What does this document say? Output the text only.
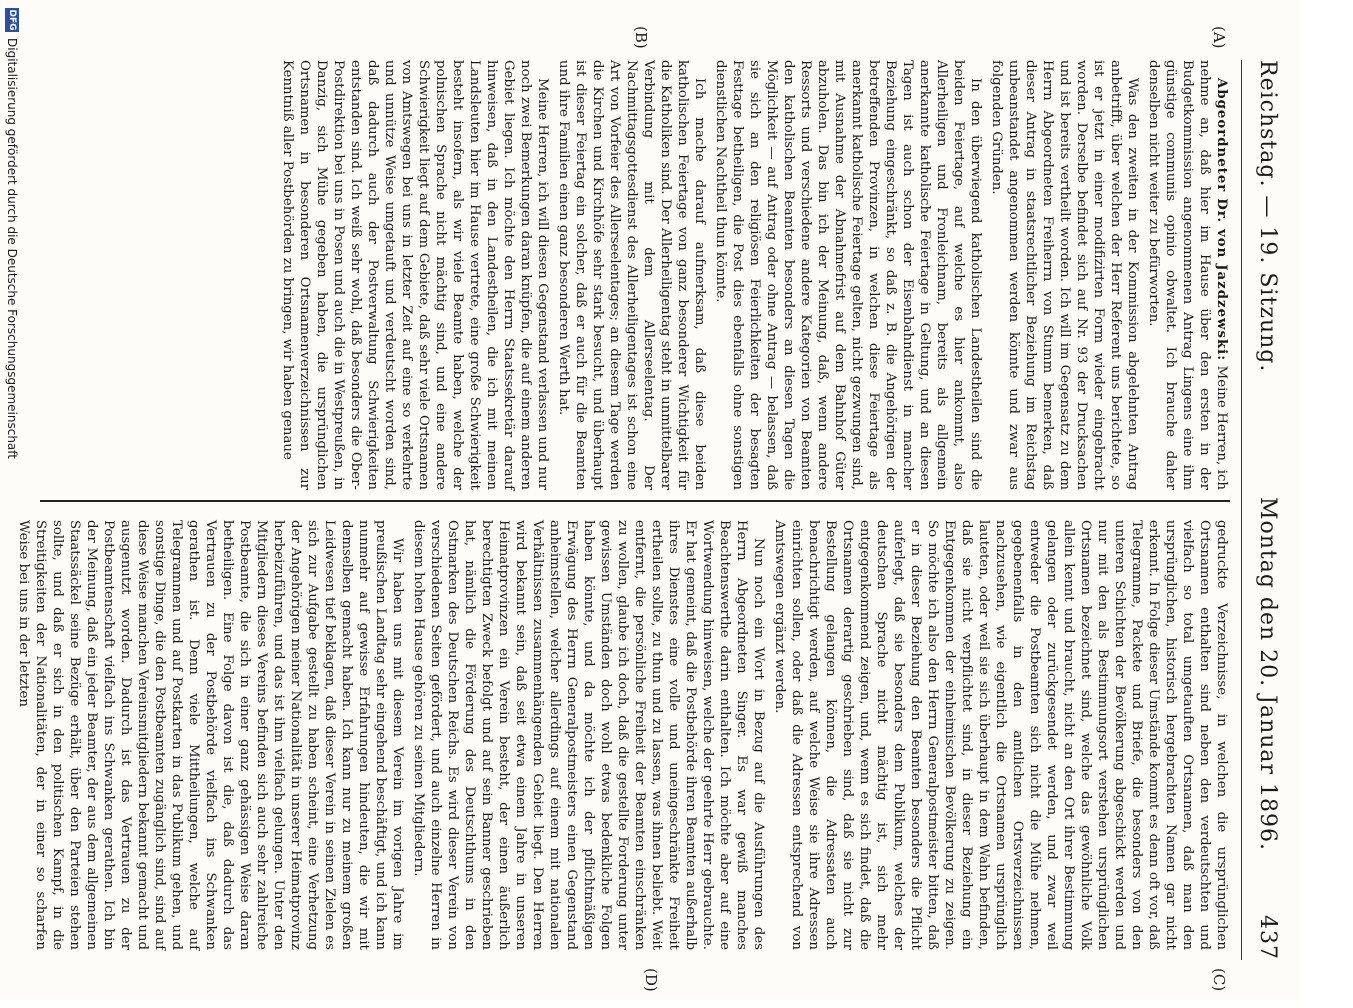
Reichstag. — 19. Sitzung.
Montag den 20. Januar 1896.        437
(A)
(B)
(C)
(D)

Abgeordneter Dr. von Jazdzewski: Meine Herren, ich nehme an, daß hier im Hause über den ersten in der Budgetkommission angenommenen Antrag Lingens eine ihm günstige communis opinio obwaltet. Ich brauche daher denselben nicht weiter zu befürworten.

Was den zweiten in der Kommission abgelehnten Antrag anbetrifft, über welchen der Herr Referent uns berichtete, so ist er jetzt in einer modifizirten Form wieder eingebracht worden. Derselbe befindet sich auf Nr. 93 der Drucksachen und ist bereits vertheilt worden. Ich will im Gegensatz zu dem Herrn Abgeordneten Freiherrn von Stumm bemerken, daß dieser Antrag in staatsrechtlicher Beziehung im Reichstag unbeanstandet angenommen werden könnte und zwar aus folgenden Gründen.

In den überwiegend katholischen Landestheilen sind die beiden Feiertage, auf welche es hier ankommt, also Allerheiligen und Fronleichnam, bereits als allgemein anerkannte katholische Feiertage in Geltung, und an diesen Tagen ist auch schon der Eisenbahndienst in mancher Beziehung eingeschränkt, so daß z. B. die Angehörigen der betreffenden Provinzen, in welchen diese Feiertage als anerkannt katholische Feiertage gelten, nicht gezwungen sind, mit Ausnahme der Abnahmefrist auf dem Bahnhof Güter abzuholen. Das bin ich der Meinung, daß, wenn andere Ressorts und verschiedene andere Kategorien von Beamten den katholischen Beamten besonders an diesen Tagen die Möglichkeit — auf Antrag oder ohne Antrag — belassen, daß sie sich an den religiösen Feierlichkeiten der besagten Festtage betheiligen, die Post dies ebenfalls ohne sonstigen dienstlichen Nachtheil thun könnte.

Ich mache darauf aufmerksam, daß diese beiden katholischen Feiertage von ganz besonderer Wichtigkeit für die Katholiken sind. Der Allerheiligentag steht in unmittelbarer Verbindung mit dem Allerseelentag. Der Nachmittagsgottesdienst des Allerheiligentages ist schon eine Art von Vorfeier des Allerseelentages; an diesem Tage werden die Kirchen und Kirchhöfe sehr stark besucht, und überhaupt ist dieser Feiertag ein solcher, daß er auch für die Beamten und ihre Familien einen ganz besonderen Werth hat.

Meine Herren, ich will diesen Gegenstand verlassen und nur noch zwei Bemerkungen daran knüpfen, die auf einem anderen Gebiet liegen. Ich möchte den Herrn Staatssekretär darauf hinweisen, daß in den Landestheilen, die ich mit meinen Landsleuten hier im Hause vertrete, eine große Schwierigkeit besteht insofern, als wir viele Beamte haben, welche der polnischen Sprache nicht mächtig sind, und eine andere Schwierigkeit liegt auf dem Gebiete, daß sehr viele Ortsnamen von Amtswegen bei uns in letzter Zeit auf eine so verkehrte und unnütze Weise umgetauft und verdeutscht worden sind, daß dadurch auch der Postverwaltung Schwierigkeiten entstanden sind. Ich weiß sehr wohl, daß besonders die Ober-Postdirektion bei uns in Posen und auch die in Westpreußen, in Danzig, sich Mühe gegeben haben, die ursprünglichen Ortsnamen in besonderen Ortsnamenverzeichnissen zur Kenntniß aller Postbehörden zu bringen, wir haben genaue

gedruckte Verzeichnisse, in welchen die ursprünglichen Ortsnamen enthalten sind neben den verdeutschten und vielfach so total umgetauften Ortsnamen, daß man den ursprünglichen, historisch hergebrachten Namen gar nicht erkennt. In Folge dieser Umstände kommt es denn oft vor, daß Telegramme, Packete und Briefe, die besonders von den unteren Schichten der Bevölkerung abgeschickt werden und nur mit den als Bestimmungsort verstehen ursprünglichen Ortsnamen bezeichnet sind, welche das gewöhnliche Volk allein kennt und braucht, nicht an den Ort ihrer Bestimmung gelangen oder zurückgesendet werden, und zwar weil entweder die Postbeamten sich nicht die Mühe nehmen, gegebenenfalls in den amtlichen Ortsverzeichnissen nachzusehen, wie eigentlich die Ortsnamen ursprünglich lauteten, oder weil sie sich überhaupt in dem Wahn befinden, daß sie nicht verpflichtet sind, in dieser Beziehung ein Entgegenkommen der einheimischen Bevölkerung zu zeigen. So möchte ich also den Herrn Generalpostmeister bitten, daß er in dieser Beziehung den Beamten besonders die Pflicht auferlegt, daß sie besonders dem Publikum, welches der deutschen Sprache nicht mächtig ist, sich mehr entgegenkommend zeigen, und, wenn es sich findet, daß die Ortsnamen derartig geschrieben sind, daß sie nicht zur Bestellung gelangen können, die Adressaten auch benachrichtigt werden, auf welche Weise sie ihre Adressen einrichten sollen, oder daß die Adressen entsprechend von Amtswegen ergänzt werden.

Nun noch ein Wort in Bezug auf die Ausführungen des Herrn Abgeordneten Singer. Es war gewiß manches Beachtenswerthe darin enthalten. Ich möchte aber auf eine Wortwendung hinweisen, welche der geehrte Herr gebrauchte. Er hat gemeint, daß die Postbehörde ihren Beamten außerhalb ihres Dienstes eine volle und uneingeschränkte Freiheit ertheilen sollte, zu thun und zu lassen, was ihnen beliebt. Weit entfernt, die persönliche Freiheit der Beamten einschränken zu wollen, glaube ich doch, daß die gestellte Forderung unter gewissen Umständen doch wohl etwas bedenkliche Folgen haben könnte, und da möchte ich der pflichtmäßigen Erwägung des Herrn Generalpostmeisters einen Gegenstand anheimstellen, welcher allerdings auf einem mit nationalen Verhältnissen zusammenhängenden Gebiet liegt. Den Herren wird bekannt sein, daß seit etwa einem Jahre in unseren Heimatprovinzen ein Verein besteht, der einen äußerlich berechtigten Zweck befolgt und auf sein Banner geschrieben hat, nämlich die Förderung des Deutschthums in den Ostmarken des Deutschen Reichs. Es wird dieser Verein von verschiedenen Seiten gefördert, und auch einzelne Herren in diesem hohen Hause gehören zu seinen Mitgliedern.

Wir haben uns mit diesem Verein im vorigen Jahre im preußischen Landtag sehr eingehend beschäftigt, und ich kann nunmehr auf gewisse Erfahrungen hindeuten, die wir mit demselben gemacht haben. Ich kann nur zu meinem großen Leidwesen tief beklagen, daß dieser Verein in seinen Zielen es sich zur Aufgabe gestellt zu haben scheint, eine Verhetzung der Angehörigen meiner Nationalität in unserer Heimatprovinz herbeizuführen, und das ist ihm vielfach gelungen. Unter den Mitgliedern dieses Vereins befinden sich auch sehr zahlreiche Postbeamte, die sich in einer ganz gehässigen Weise daran betheiligen. Eine Folge davon ist die, daß dadurch das Vertrauen zu der Postbehörde vielfach ins Schwanken gerathen ist. Denn viele Mittheilungen, welche auf Telegrammen und auf Postkarten in das Publikum gehen, und sonstige Dinge, die den Postbeamten zugänglich sind, sind auf diese Weise manchen Vereinsmitgliedern bekannt gemacht und ausgenutzt worden. Dadurch ist das Vertrauen zu der Postbeamtenschaft vielfach ins Schwanken gerathen. Ich bin der Meinung, daß ein jeder Beamter, der aus dem allgemeinen Staatssäckel seine Bezüge erhält, über den Parteien stehen sollte, und daß er sich in den politischen Kampf, in die Streitigkeiten der Nationalitäten, der in einer so scharfen Weise bei uns in der letzten

DFG
Digitalisierung gefördert durch die Deutsche Forschungsgemeinschaft
